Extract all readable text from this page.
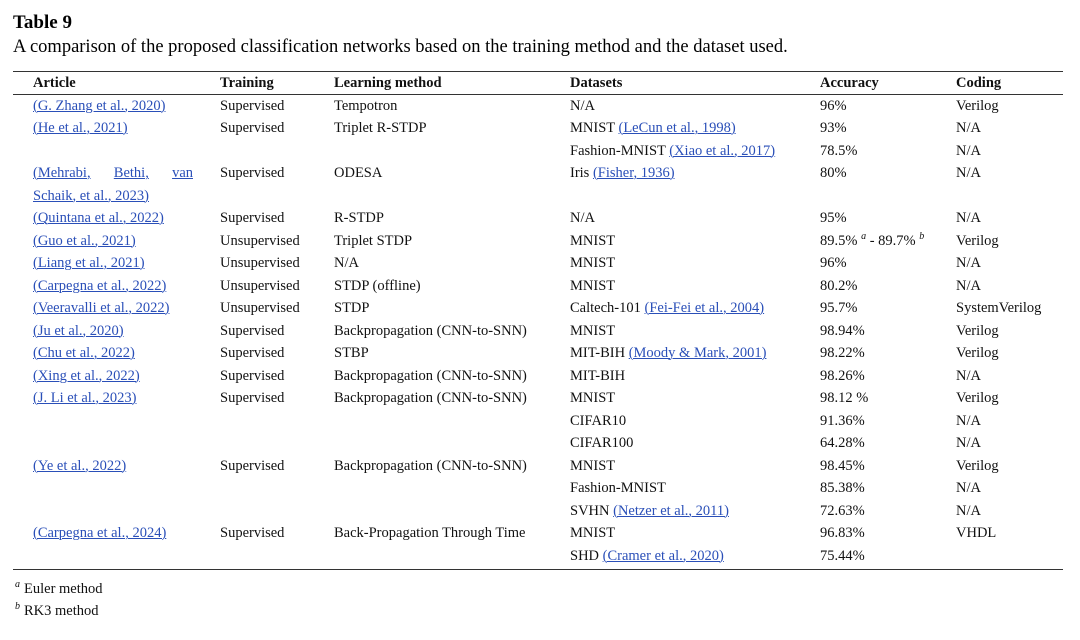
Table 9
A comparison of the proposed classification networks based on the training method and the dataset used.
Article	Training	Learning method	Datasets	Accuracy	Coding
(G. Zhang et al., 2020)	Supervised	Tempotron	N/A	96%	Verilog
(He et al., 2021)	Supervised	Triplet R-STDP	MNIST (LeCun et al., 1998)	93%	N/A
			Fashion-MNIST (Xiao et al., 2017)	78.5%	N/A

(Mehrabi, Bethi, van
Schaik, et al., 2023)	Supervised	ODESA	Iris (Fisher, 1936)	80%	N/A
(Quintana et al., 2022)	Supervised	R-STDP	N/A	95%	N/A
(Guo et al., 2021)	Unsupervised	Triplet STDP	MNIST	89.5% $^a$ - 89.7% $^b$	Verilog
(Liang et al., 2021)	Unsupervised	N/A	MNIST	96%	N/A
(Carpegna et al., 2022)	Unsupervised	STDP (offline)	MNIST	80.2%	N/A
(Veeravalli et al., 2022)	Unsupervised	STDP	Caltech-101 (Fei-Fei et al., 2004)	95.7%	SystemVerilog
(Ju et al., 2020)	Supervised	Backpropagation (CNN-to-SNN)	MNIST	98.94%	Verilog
(Chu et al., 2022)	Supervised	STBP	MIT-BIH (Moody & Mark, 2001)	98.22%	Verilog
(Xing et al., 2022)	Supervised	Backpropagation (CNN-to-SNN)	MIT-BIH	98.26%	N/A
(J. Li et al., 2023)	Supervised	Backpropagation (CNN-to-SNN)	MNIST	98.12 %	Verilog
			CIFAR10	91.36%	N/A
			CIFAR100	64.28%	N/A
(Ye et al., 2022)	Supervised	Backpropagation (CNN-to-SNN)	MNIST	98.45%	Verilog
			Fashion-MNIST	85.38%	N/A
			SVHN (Netzer et al., 2011)	72.63%	N/A
(Carpegna et al., 2024)	Supervised	Back-Propagation Through Time	MNIST	96.83%	VHDL
			SHD (Cramer et al., 2020)	75.44%	
$^a$ Euler method
$^b$ RK3 method
